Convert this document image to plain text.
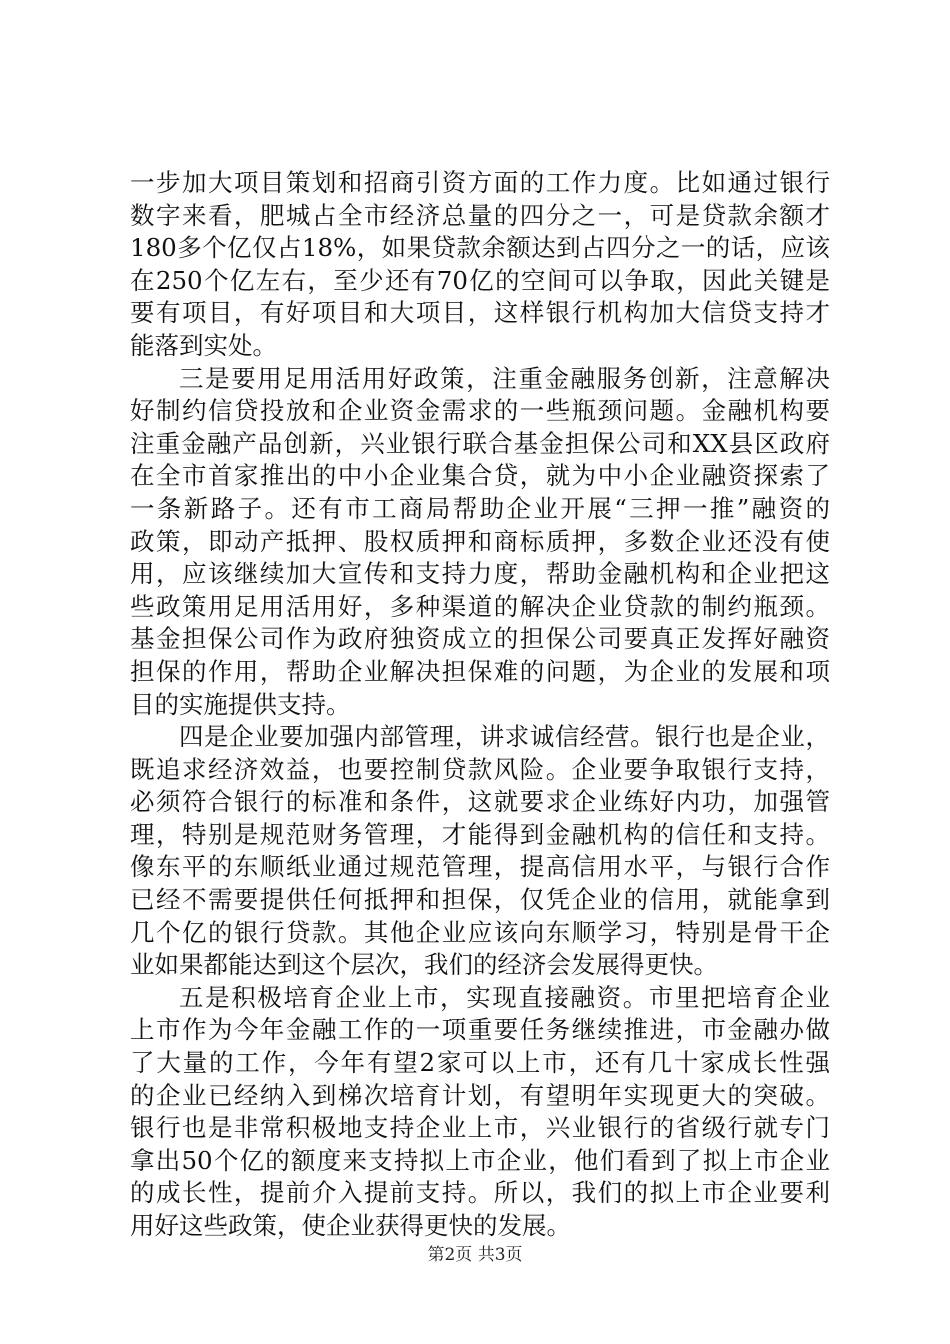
一步加大项目策划和招商引资方面的工作力度。比如通过银行
数字来看，肥城占全市经济总量的四分之一，可是贷款余额才
180多个亿仅占18%，如果贷款余额达到占四分之一的话，应该
在250个亿左右，至少还有70亿的空间可以争取，因此关键是
要有项目，有好项目和大项目，这样银行机构加大信贷支持才
能落到实处。
三是要用足用活用好政策，注重金融服务创新，注意解决
好制约信贷投放和企业资金需求的一些瓶颈问题。金融机构要
注重金融产品创新，兴业银行联合基金担保公司和XX县区政府
在全市首家推出的中小企业集合贷，就为中小企业融资探索了
一条新路子。还有市工商局帮助企业开展“三押一推”融资的
政策，即动产抵押、股权质押和商标质押，多数企业还没有使
用，应该继续加大宣传和支持力度，帮助金融机构和企业把这
些政策用足用活用好，多种渠道的解决企业贷款的制约瓶颈。
基金担保公司作为政府独资成立的担保公司要真正发挥好融资
担保的作用，帮助企业解决担保难的问题，为企业的发展和项
目的实施提供支持。
四是企业要加强内部管理，讲求诚信经营。银行也是企业，
既追求经济效益，也要控制贷款风险。企业要争取银行支持，
必须符合银行的标准和条件，这就要求企业练好内功，加强管
理，特别是规范财务管理，才能得到金融机构的信任和支持。
像东平的东顺纸业通过规范管理，提高信用水平，与银行合作
已经不需要提供任何抵押和担保，仅凭企业的信用，就能拿到
几个亿的银行贷款。其他企业应该向东顺学习，特别是骨干企
业如果都能达到这个层次，我们的经济会发展得更快。
五是积极培育企业上市，实现直接融资。市里把培育企业
上市作为今年金融工作的一项重要任务继续推进，市金融办做
了大量的工作，今年有望2家可以上市，还有几十家成长性强
的企业已经纳入到梯次培育计划，有望明年实现更大的突破。
银行也是非常积极地支持企业上市，兴业银行的省级行就专门
拿出50个亿的额度来支持拟上市企业，他们看到了拟上市企业
的成长性，提前介入提前支持。所以，我们的拟上市企业要利
用好这些政策，使企业获得更快的发展。
第2页 共3页
